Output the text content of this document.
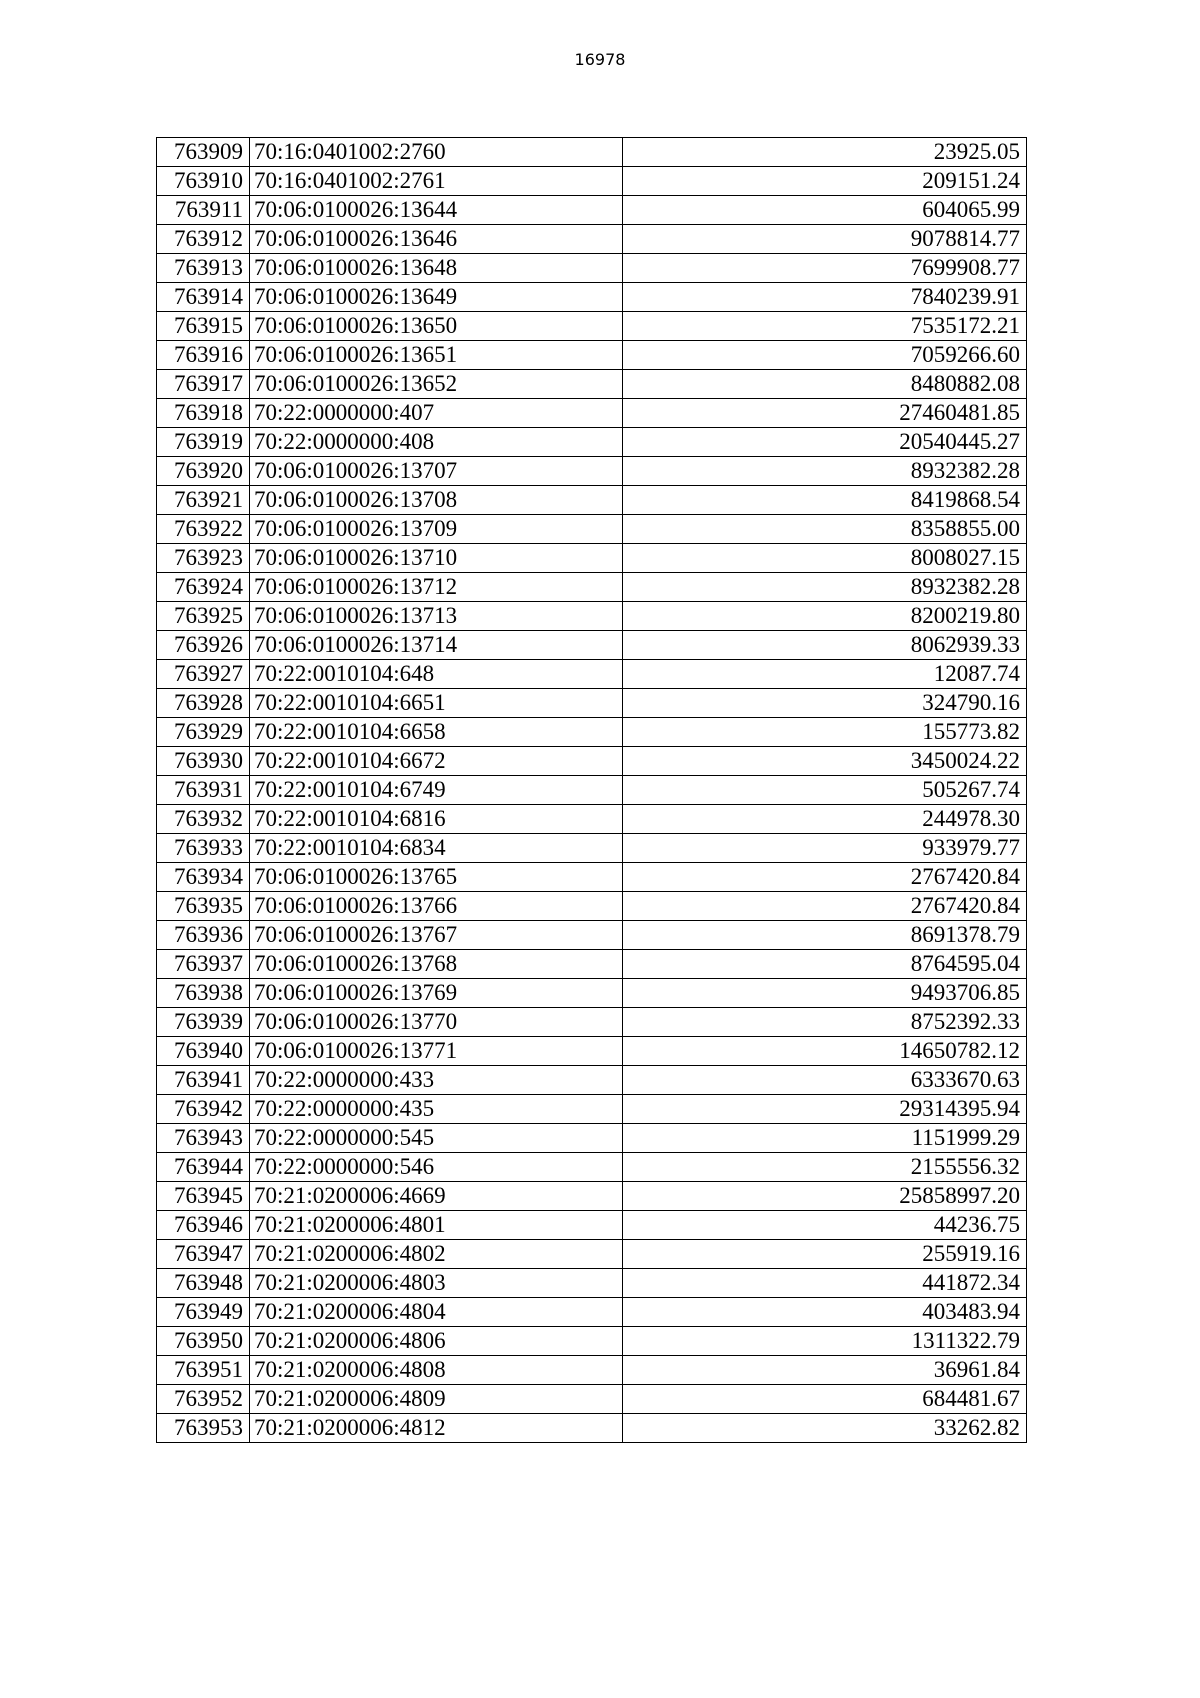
16978
763909	70:16:0401002:2760	23925.05
763910	70:16:0401002:2761	209151.24
763911	70:06:0100026:13644	604065.99
763912	70:06:0100026:13646	9078814.77
763913	70:06:0100026:13648	7699908.77
763914	70:06:0100026:13649	7840239.91
763915	70:06:0100026:13650	7535172.21
763916	70:06:0100026:13651	7059266.60
763917	70:06:0100026:13652	8480882.08
763918	70:22:0000000:407	27460481.85
763919	70:22:0000000:408	20540445.27
763920	70:06:0100026:13707	8932382.28
763921	70:06:0100026:13708	8419868.54
763922	70:06:0100026:13709	8358855.00
763923	70:06:0100026:13710	8008027.15
763924	70:06:0100026:13712	8932382.28
763925	70:06:0100026:13713	8200219.80
763926	70:06:0100026:13714	8062939.33
763927	70:22:0010104:648	12087.74
763928	70:22:0010104:6651	324790.16
763929	70:22:0010104:6658	155773.82
763930	70:22:0010104:6672	3450024.22
763931	70:22:0010104:6749	505267.74
763932	70:22:0010104:6816	244978.30
763933	70:22:0010104:6834	933979.77
763934	70:06:0100026:13765	2767420.84
763935	70:06:0100026:13766	2767420.84
763936	70:06:0100026:13767	8691378.79
763937	70:06:0100026:13768	8764595.04
763938	70:06:0100026:13769	9493706.85
763939	70:06:0100026:13770	8752392.33
763940	70:06:0100026:13771	14650782.12
763941	70:22:0000000:433	6333670.63
763942	70:22:0000000:435	29314395.94
763943	70:22:0000000:545	1151999.29
763944	70:22:0000000:546	2155556.32
763945	70:21:0200006:4669	25858997.20
763946	70:21:0200006:4801	44236.75
763947	70:21:0200006:4802	255919.16
763948	70:21:0200006:4803	441872.34
763949	70:21:0200006:4804	403483.94
763950	70:21:0200006:4806	1311322.79
763951	70:21:0200006:4808	36961.84
763952	70:21:0200006:4809	684481.67
763953	70:21:0200006:4812	33262.82
